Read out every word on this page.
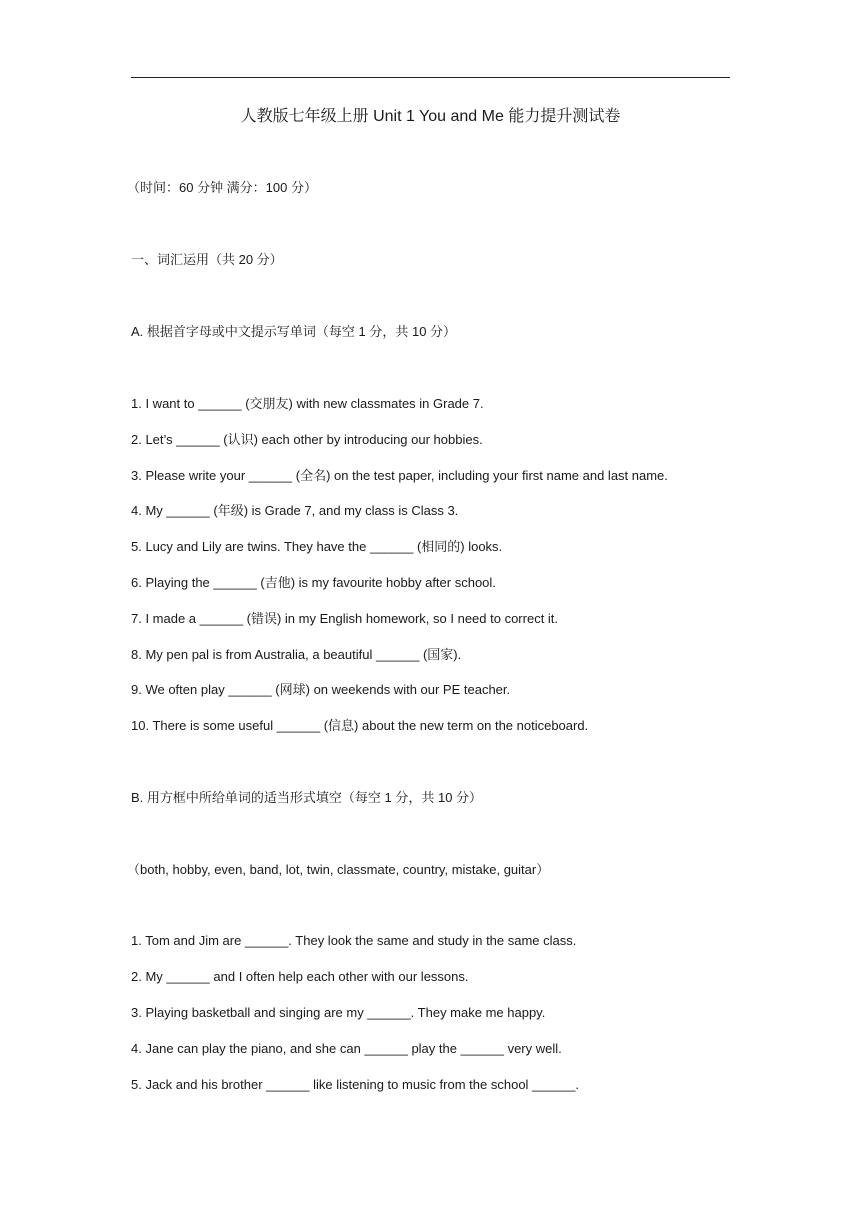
人教版七年级上册 Unit 1 You and Me 能力提升测试卷
（时间：60 分钟 满分：100 分）
一、词汇运用（共 20 分）
A. 根据首字母或中文提示写单词（每空 1 分，共 10 分）
1. I want to ______ (交朋友) with new classmates in Grade 7.
2. Let’s ______ (认识) each other by introducing our hobbies.
3. Please write your ______ (全名) on the test paper, including your first name and last name.
4. My ______ (年级) is Grade 7, and my class is Class 3.
5. Lucy and Lily are twins. They have the ______ (相同的) looks.
6. Playing the ______ (吉他) is my favourite hobby after school.
7. I made a ______ (错误) in my English homework, so I need to correct it.
8. My pen pal is from Australia, a beautiful ______ (国家).
9. We often play ______ (网球) on weekends with our PE teacher.
10. There is some useful ______ (信息) about the new term on the noticeboard.
B. 用方框中所给单词的适当形式填空（每空 1 分，共 10 分）
（both, hobby, even, band, lot, twin, classmate, country, mistake, guitar）
1. Tom and Jim are ______. They look the same and study in the same class.
2. My ______ and I often help each other with our lessons.
3. Playing basketball and singing are my ______. They make me happy.
4. Jane can play the piano, and she can ______ play the ______ very well.
5. Jack and his brother ______ like listening to music from the school ______.
